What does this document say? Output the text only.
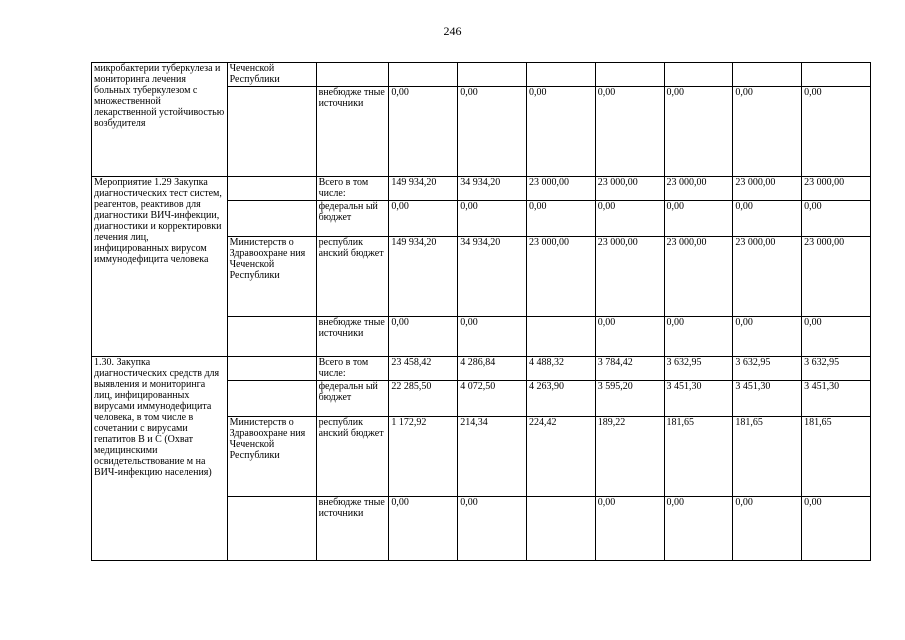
246
микробактерии туберкулеза и мониторинга лечения больных туберкулезом с множественной лекарственной устойчивостью возбудителя	Чеченской Республики								
		внебюдже тные источники	0,00	0,00	0,00	0,00	0,00	0,00	0,00
Мероприятие 1.29 Закупка диагностических тест систем, реагентов, реактивов для диагностики ВИЧ-инфекции, диагностики и корректировки лечения лиц, инфицированных вирусом иммунодефицита человека		Всего в том числе:	149 934,20	34 934,20	23 000,00	23 000,00	23 000,00	23 000,00	23 000,00
		федеральн ый бюджет	0,00	0,00	0,00	0,00	0,00	0,00	0,00
	Министерств о Здравоохране ния Чеченской Республики	республик анский бюджет	149 934,20	34 934,20	23 000,00	23 000,00	23 000,00	23 000,00	23 000,00
		внебюдже тные источники	0,00	0,00		0,00	0,00	0,00	0,00
1.30. Закупка диагностических средств для выявления и мониторинга лиц, инфицированных вирусами иммунодефицита человека, в том числе в сочетании с вирусами гепатитов В и С (Охват медицинскими освидетельствование м на ВИЧ-инфекцию населения)		Всего в том числе:	23 458,42	4 286,84	4 488,32	3 784,42	3 632,95	3 632,95	3 632,95
		федеральн ый бюджет	22 285,50	4 072,50	4 263,90	3 595,20	3 451,30	3 451,30	3 451,30
	Министерств о Здравоохране ния Чеченской Республики	республик анский бюджет	1 172,92	214,34	224,42	189,22	181,65	181,65	181,65
		внебюдже тные источники	0,00	0,00		0,00	0,00	0,00	0,00
